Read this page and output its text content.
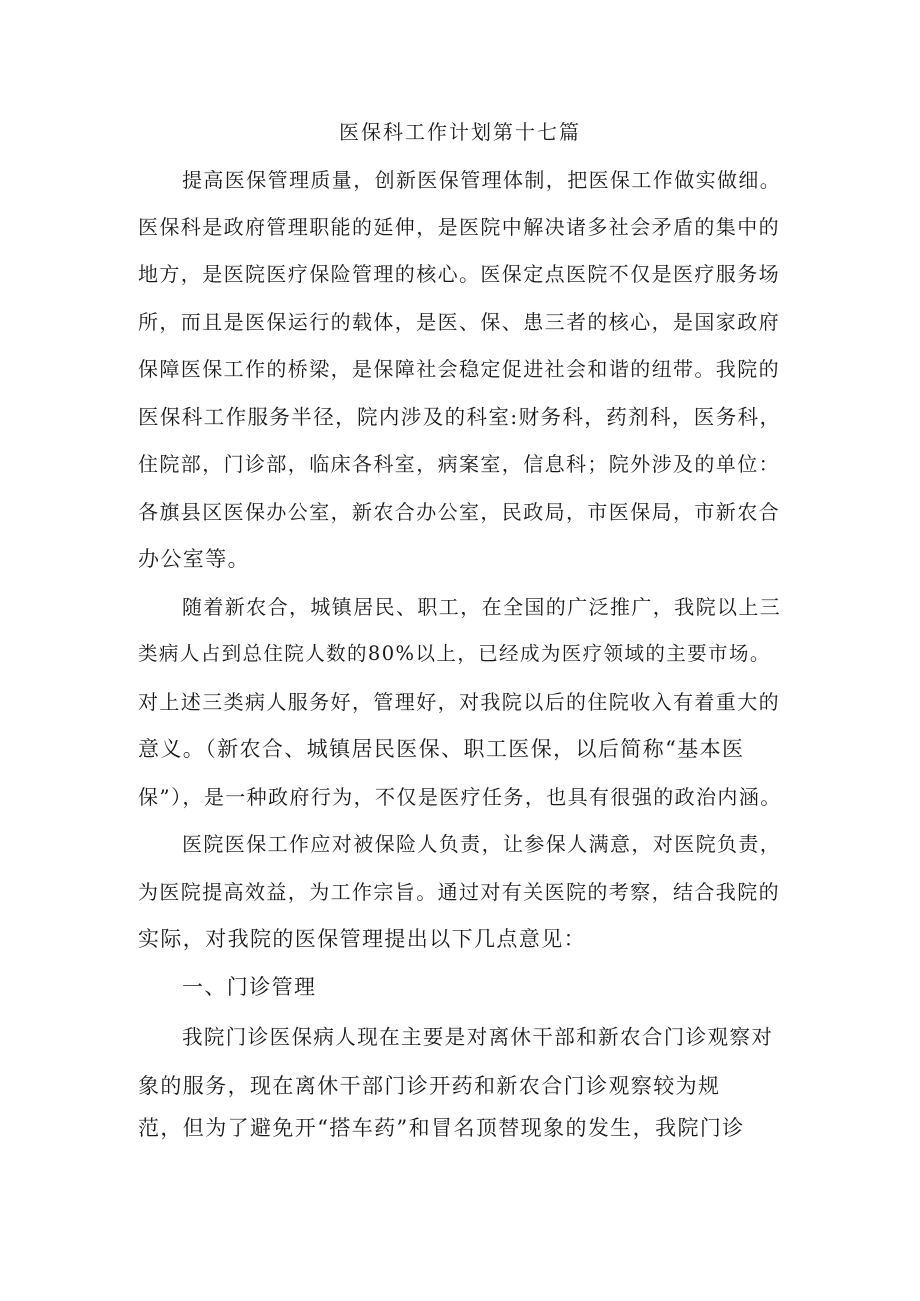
医保科工作计划第十七篇
提高医保管理质量，创新医保管理体制，把医保工作做实做细。
医保科是政府管理职能的延伸，是医院中解决诸多社会矛盾的集中的
地方，是医院医疗保险管理的核心。医保定点医院不仅是医疗服务场
所，而且是医保运行的载体，是医、保、患三者的核心，是国家政府
保障医保工作的桥梁，是保障社会稳定促进社会和谐的纽带。我院的
医保科工作服务半径，院内涉及的科室:财务科，药剂科，医务科，
住院部，门诊部，临床各科室，病案室，信息科；院外涉及的单位：
各旗县区医保办公室，新农合办公室，民政局，市医保局，市新农合
办公室等。
随着新农合，城镇居民、职工，在全国的广泛推广，我院以上三
类病人占到总住院人数的80%以上，已经成为医疗领域的主要市场。
对上述三类病人服务好，管理好，对我院以后的住院收入有着重大的
意义。（新农合、城镇居民医保、职工医保，以后简称“基本医
保”），是一种政府行为，不仅是医疗任务，也具有很强的政治内涵。
医院医保工作应对被保险人负责，让参保人满意，对医院负责，
为医院提高效益，为工作宗旨。通过对有关医院的考察，结合我院的
实际，对我院的医保管理提出以下几点意见：
一、门诊管理
我院门诊医保病人现在主要是对离休干部和新农合门诊观察对
象的服务，现在离休干部门诊开药和新农合门诊观察较为规
范，但为了避免开“搭车药”和冒名顶替现象的发生，我院门诊
